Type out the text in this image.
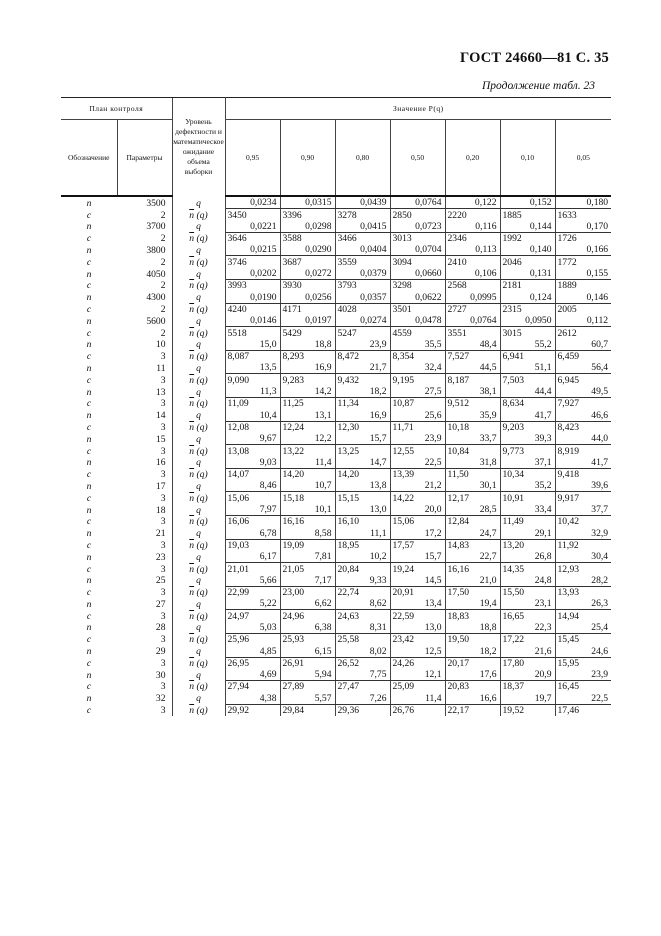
ГОСТ 24660—81 С. 35
Продолжение табл. 23
План контроля		Уровень дефектности и математическое ожидание объема выборки	Значение P(q)						
Обозначение	Параметры		0,95	0,90	0,80	0,50	0,20	0,10	0,05
n	3500	q	0,0234	0,0315	0,0439	0,0764	0,122	0,152	0,180
c	2	$\overline{n}$ (q)	3450	3396	3278	2850	2220	1885	1633
n	3700	q	0,0221	0,0298	0,0415	0,0723	0,116	0,144	0,170
c	2	$\overline{n}$ (q)	3646	3588	3466	3013	2346	1992	1726
n	3800	q	0,0215	0,0290	0,0404	0,0704	0,113	0,140	0,166
c	2	$\overline{n}$ (q)	3746	3687	3559	3094	2410	2046	1772
n	4050	q	0,0202	0,0272	0,0379	0,0660	0,106	0,131	0,155
c	2	$\overline{n}$ (q)	3993	3930	3793	3298	2568	2181	1889
n	4300	q	0,0190	0,0256	0,0357	0,0622	0,0995	0,124	0,146
c	2	$\overline{n}$ (q)	4240	4171	4028	3501	2727	2315	2005
n	5600	q	0,0146	0,0197	0,0274	0,0478	0,0764	0,0950	0,112
c	2	$\overline{n}$ (q)	5518	5429	5247	4559	3551	3015	2612
n	10	q	15,0	18,8	23,9	35,5	48,4	55,2	60,7
c	3	$\overline{n}$ (q)	8,087	8,293	8,472	8,354	7,527	6,941	6,459
n	11	q	13,5	16,9	21,7	32,4	44,5	51,1	56,4
c	3	$\overline{n}$ (q)	9,090	9,283	9,432	9,195	8,187	7,503	6,945
n	13	q	11,3	14,2	18,2	27,5	38,1	44,4	49,5
c	3	$\overline{n}$ (q)	11,09	11,25	11,34	10,87	9,512	8,634	7,927
n	14	q	10,4	13,1	16,9	25,6	35,9	41,7	46,6
c	3	$\overline{n}$ (q)	12,08	12,24	12,30	11,71	10,18	9,203	8,423
n	15	q	9,67	12,2	15,7	23,9	33,7	39,3	44,0
c	3	$\overline{n}$ (q)	13,08	13,22	13,25	12,55	10,84	9,773	8,919
n	16	q	9,03	11,4	14,7	22,5	31,8	37,1	41,7
c	3	$\overline{n}$ (q)	14,07	14,20	14,20	13,39	11,50	10,34	9,418
n	17	q	8,46	10,7	13,8	21,2	30,1	35,2	39,6
c	3	$\overline{n}$ (q)	15,06	15,18	15,15	14,22	12,17	10,91	9,917
n	18	q	7,97	10,1	13,0	20,0	28,5	33,4	37,7
c	3	$\overline{n}$ (q)	16,06	16,16	16,10	15,06	12,84	11,49	10,42
n	21	q	6,78	8,58	11,1	17,2	24,7	29,1	32,9
c	3	$\overline{n}$ (q)	19,03	19,09	18,95	17,57	14,83	13,20	11,92
n	23	q	6,17	7,81	10,2	15,7	22,7	26,8	30,4
c	3	$\overline{n}$ (q)	21,01	21,05	20,84	19,24	16,16	14,35	12,93
n	25	q	5,66	7,17	9,33	14,5	21,0	24,8	28,2
c	3	$\overline{n}$ (q)	22,99	23,00	22,74	20,91	17,50	15,50	13,93
n	27	q	5,22	6,62	8,62	13,4	19,4	23,1	26,3
c	3	$\overline{n}$ (q)	24,97	24,96	24,63	22,59	18,83	16,65	14,94
n	28	q	5,03	6,38	8,31	13,0	18,8	22,3	25,4
c	3	$\overline{n}$ (q)	25,96	25,93	25,58	23,42	19,50	17,22	15,45
n	29	q	4,85	6,15	8,02	12,5	18,2	21,6	24,6
c	3	$\overline{n}$ (q)	26,95	26,91	26,52	24,26	20,17	17,80	15,95
n	30	q	4,69	5,94	7,75	12,1	17,6	20,9	23,9
c	3	$\overline{n}$ (q)	27,94	27,89	27,47	25,09	20,83	18,37	16,45
n	32	q	4,38	5,57	7,26	11,4	16,6	19,7	22,5
c	3	$\overline{n}$ (q)	29,92	29,84	29,36	26,76	22,17	19,52	17,46
